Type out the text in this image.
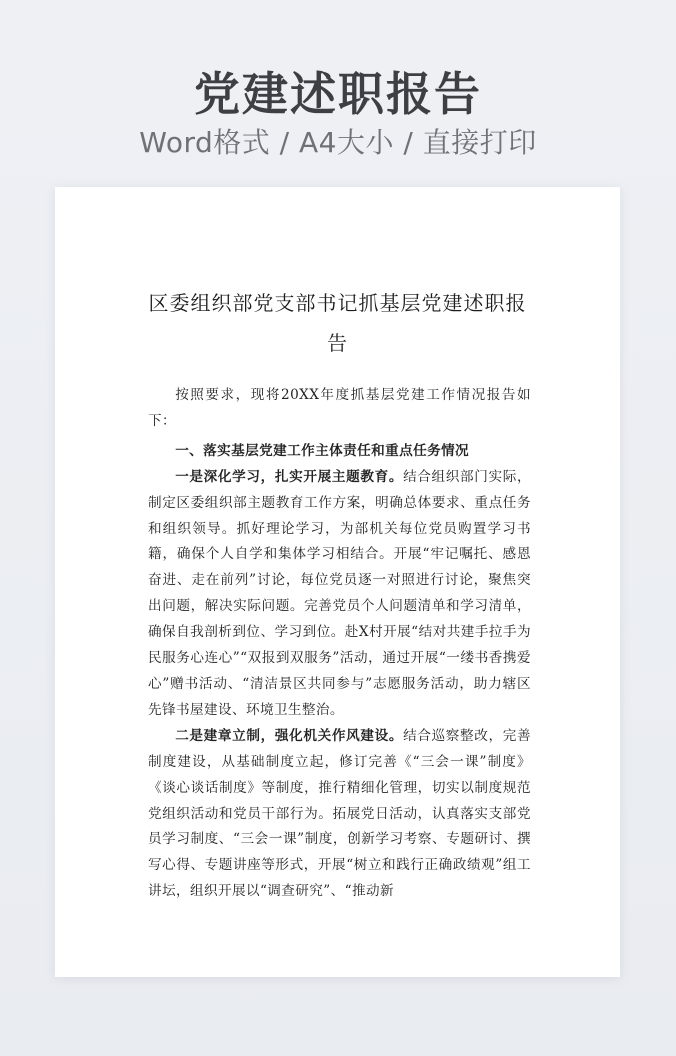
党建述职报告

Word格式 / A4大小 / 直接打印

区委组织部党支部书记抓基层党建述职报告

按照要求，现将20XX年度抓基层党建工作情况报告如下：

一、落实基层党建工作主体责任和重点任务情况

一是深化学习，扎实开展主题教育。结合组织部门实际，制定区委组织部主题教育工作方案，明确总体要求、重点任务和组织领导。抓好理论学习，为部机关每位党员购置学习书籍，确保个人自学和集体学习相结合。开展“牢记嘱托、感恩奋进、走在前列”讨论，每位党员逐一对照进行讨论，聚焦突出问题，解决实际问题。完善党员个人问题清单和学习清单，确保自我剖析到位、学习到位。赴X村开展“结对共建手拉手为民服务心连心”“双报到双服务”活动，通过开展“一缕书香携爱心”赠书活动、“清洁景区共同参与”志愿服务活动，助力辖区先锋书屋建设、环境卫生整治。

二是建章立制，强化机关作风建设。结合巡察整改，完善制度建设，从基础制度立起，修订完善《“三会一课”制度》《谈心谈话制度》等制度，推行精细化管理，切实以制度规范党组织活动和党员干部行为。拓展党日活动，认真落实支部党员学习制度、“三会一课”制度，创新学习考察、专题研讨、撰写心得、专题讲座等形式，开展“树立和践行正确政绩观”组工讲坛，组织开展以“调查研究”、“推动新
